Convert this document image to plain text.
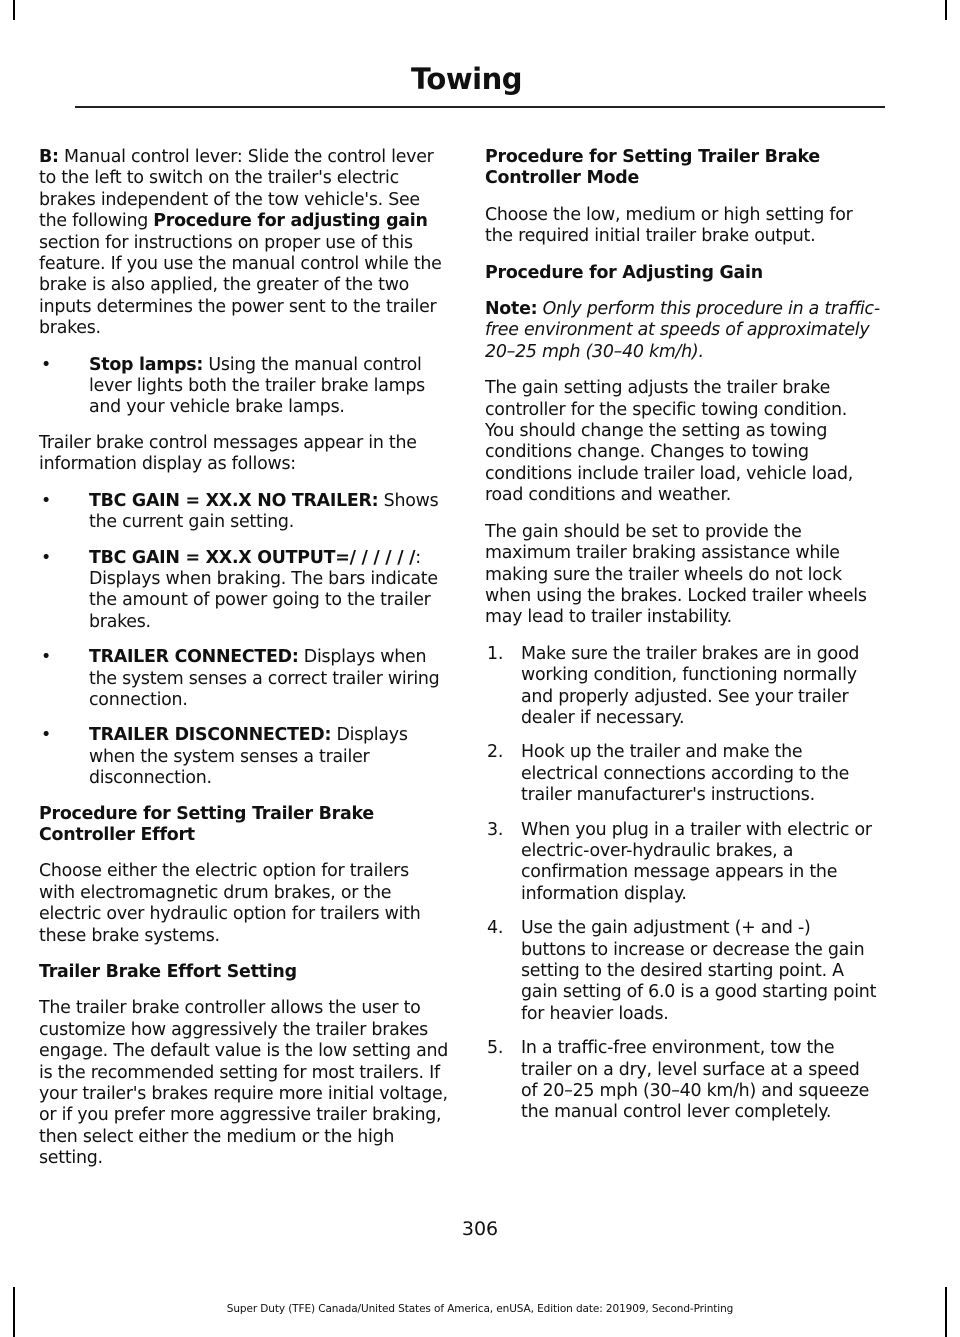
Towing

B: Manual control lever: Slide the control lever to the left to switch on the trailer's electric brakes independent of the tow vehicle's. See the following Procedure for adjusting gain section for instructions on proper use of this feature. If you use the manual control while the brake is also applied, the greater of the two inputs determines the power sent to the trailer brakes.

• Stop lamps: Using the manual control lever lights both the trailer brake lamps and your vehicle brake lamps.

Trailer brake control messages appear in the information display as follows:

• TBC GAIN = XX.X NO TRAILER: Shows the current gain setting.
• TBC GAIN = XX.X OUTPUT=/ / / / / /: Displays when braking. The bars indicate the amount of power going to the trailer brakes.
• TRAILER CONNECTED: Displays when the system senses a correct trailer wiring connection.
• TRAILER DISCONNECTED: Displays when the system senses a trailer disconnection.
Procedure for Setting Trailer Brake Controller Effort

Choose either the electric option for trailers with electromagnetic drum brakes, or the electric over hydraulic option for trailers with these brake systems.

Trailer Brake Effort Setting

The trailer brake controller allows the user to customize how aggressively the trailer brakes engage. The default value is the low setting and is the recommended setting for most trailers. If your trailer's brakes require more initial voltage, or if you prefer more aggressive trailer braking, then select either the medium or the high setting.

Procedure for Setting Trailer Brake Controller Mode

Choose the low, medium or high setting for the required initial trailer brake output.

Procedure for Adjusting Gain

Note: Only perform this procedure in a traffic-free environment at speeds of approximately 20–25 mph (30–40 km/h).

The gain setting adjusts the trailer brake controller for the specific towing condition. You should change the setting as towing conditions change. Changes to towing conditions include trailer load, vehicle load, road conditions and weather.

The gain should be set to provide the maximum trailer braking assistance while making sure the trailer wheels do not lock when using the brakes. Locked trailer wheels may lead to trailer instability.

1. Make sure the trailer brakes are in good working condition, functioning normally and properly adjusted. See your trailer dealer if necessary.
2. Hook up the trailer and make the electrical connections according to the trailer manufacturer's instructions.
3. When you plug in a trailer with electric or electric-over-hydraulic brakes, a confirmation message appears in the information display.
4. Use the gain adjustment (+ and -) buttons to increase or decrease the gain setting to the desired starting point. A gain setting of 6.0 is a good starting point for heavier loads.
5. In a traffic-free environment, tow the trailer on a dry, level surface at a speed of 20–25 mph (30–40 km/h) and squeeze the manual control lever completely.
306
Super Duty (TFE) Canada/United States of America, enUSA, Edition date: 201909, Second-Printing
